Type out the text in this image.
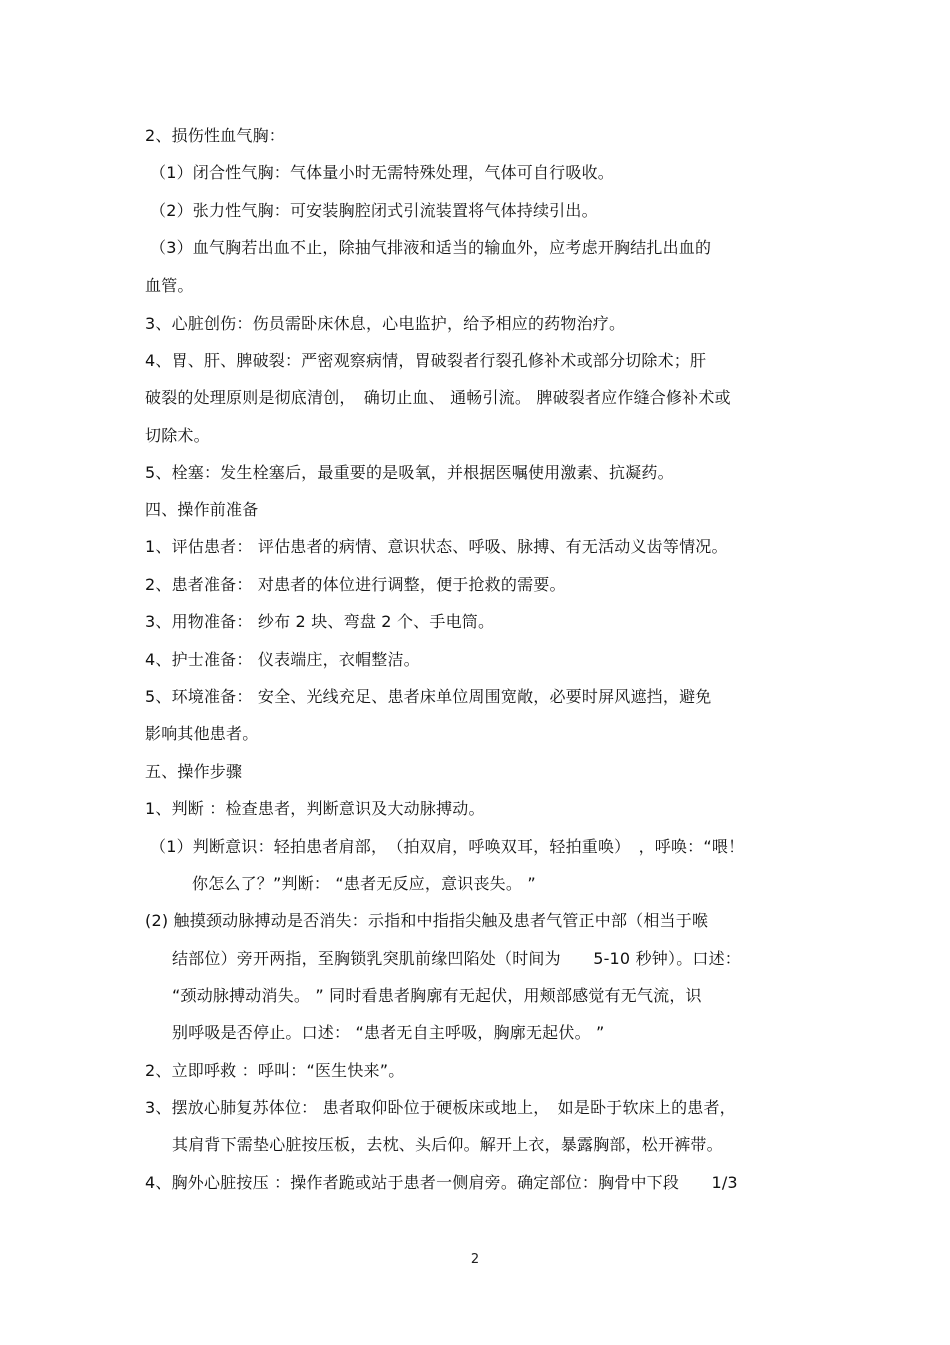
2、损伤性血气胸：
（1）闭合性气胸：气体量小时无需特殊处理，气体可自行吸收。
（2）张力性气胸：可安装胸腔闭式引流装置将气体持续引出。
（3）血气胸若出血不止，除抽气排液和适当的输血外，应考虑开胸结扎出血的
血管。
3、心脏创伤：伤员需卧床休息，心电监护，给予相应的药物治疗。
4、胃、肝、脾破裂：严密观察病情，胃破裂者行裂孔修补术或部分切除术；肝
破裂的处理原则是彻底清创，　确切止血、 通畅引流。 脾破裂者应作缝合修补术或
切除术。
5、栓塞：发生栓塞后，最重要的是吸氧，并根据医嘱使用激素、抗凝药。
四、操作前准备
1、评估患者： 评估患者的病情、意识状态、呼吸、脉搏、有无活动义齿等情况。
2、患者准备： 对患者的体位进行调整，便于抢救的需要。
3、用物准备： 纱布 2 块、弯盘 2 个、手电筒。
4、护士准备： 仪表端庄，衣帽整洁。
5、环境准备： 安全、光线充足、患者床单位周围宽敞，必要时屏风遮挡，避免
影响其他患者。
五、操作步骤
1、判断 ：检查患者，判断意识及大动脉搏动。
（1）判断意识：轻拍患者肩部，　（拍双肩，呼唤双耳，轻拍重唤）　，呼唤：“喂！
你怎么了？”判断： “患者无反应，意识丧失。 ”
(2) 触摸颈动脉搏动是否消失：示指和中指指尖触及患者气管正中部（相当于喉
结部位）旁开两指，至胸锁乳突肌前缘凹陷处（时间为　　5-10 秒钟）。口述：
“颈动脉搏动消失。 ” 同时看患者胸廓有无起伏，用颊部感觉有无气流，识
别呼吸是否停止。口述： “患者无自主呼吸，胸廓无起伏。 ”
2、立即呼救 ：呼叫：“医生快来”。
3、摆放心肺复苏体位： 患者取仰卧位于硬板床或地上，　如是卧于软床上的患者，
其肩背下需垫心脏按压板，去枕、头后仰。解开上衣，暴露胸部，松开裤带。
4、胸外心脏按压 ：操作者跪或站于患者一侧肩旁。确定部位：胸骨中下段　　1/3
2
